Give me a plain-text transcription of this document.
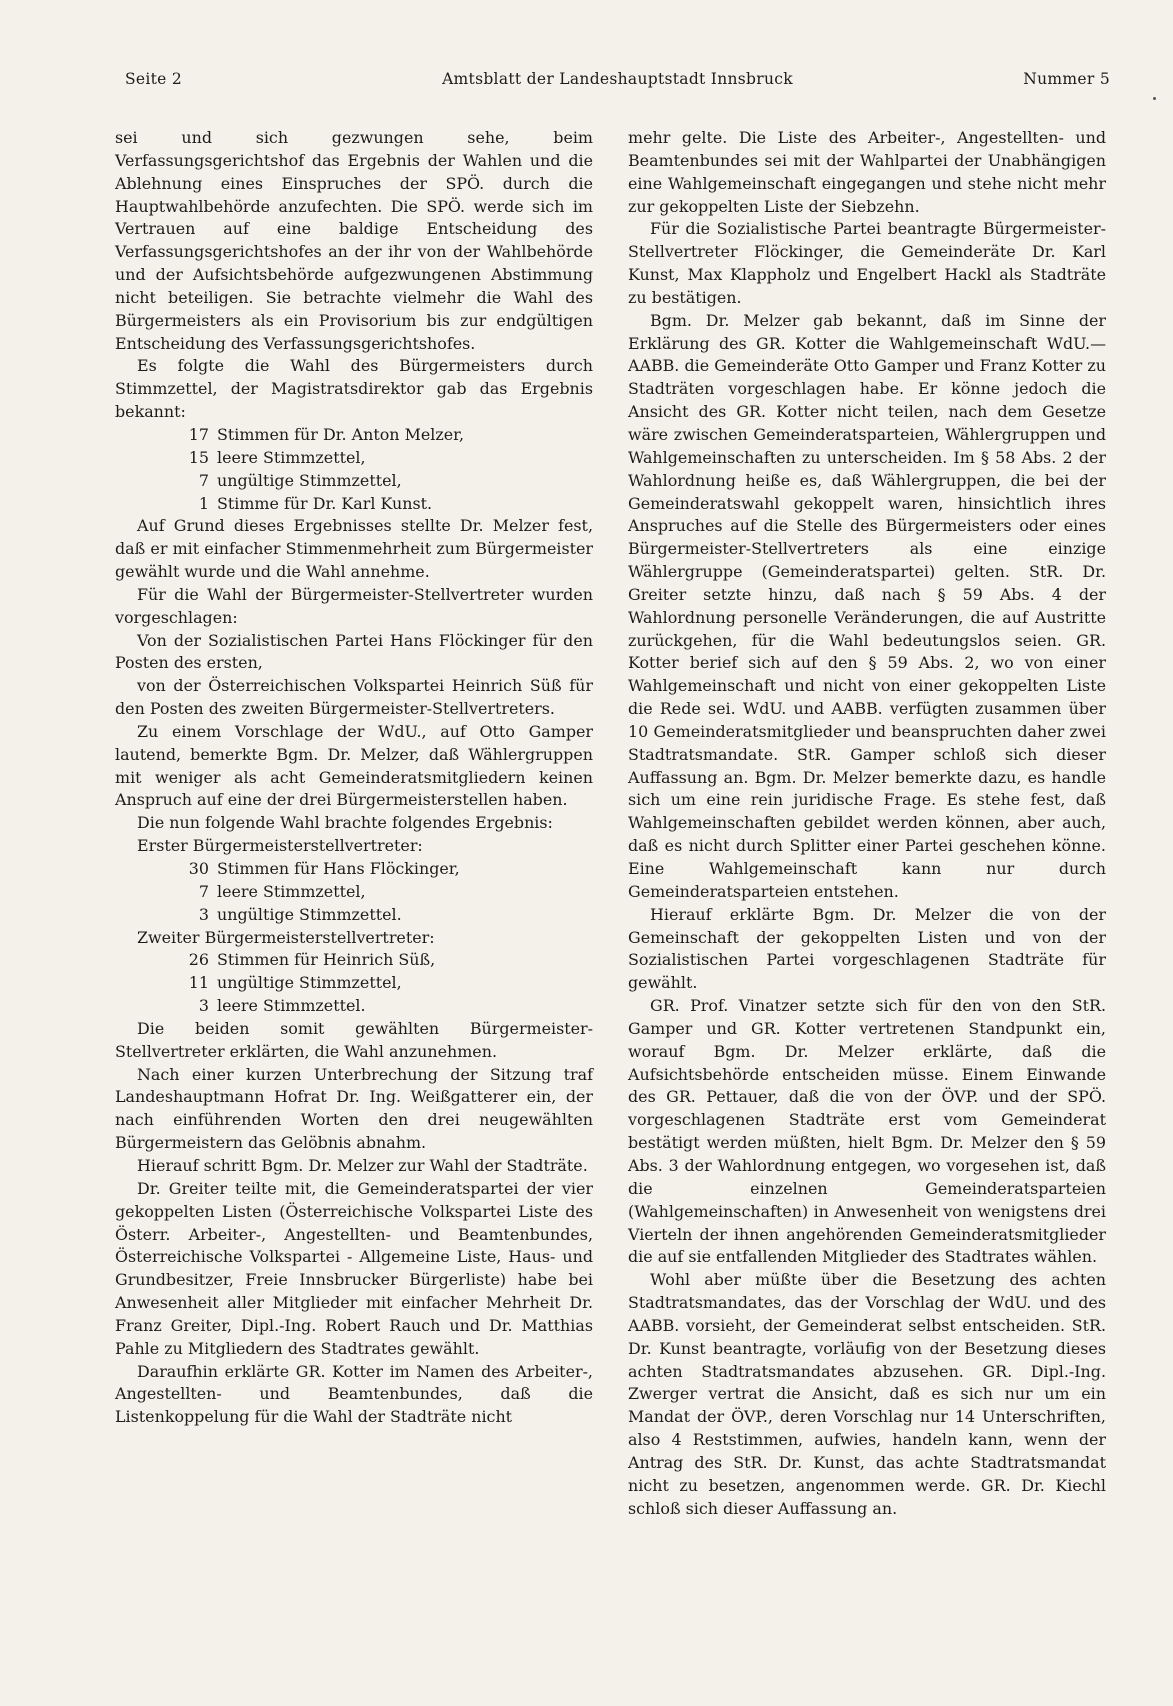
Seite 2	Amtsblatt der Landeshauptstadt Innsbruck	Nummer 5

sei und sich gezwungen sehe, beim Verfassungsgerichtshof das Ergebnis der Wahlen und die Ablehnung eines Einspruches der SPÖ. durch die Hauptwahlbehörde anzufechten. Die SPÖ. werde sich im Vertrauen auf eine baldige Entscheidung des Verfassungsgerichtshofes an der ihr von der Wahlbehörde und der Aufsichtsbehörde aufgezwungenen Abstimmung nicht beteiligen. Sie betrachte vielmehr die Wahl des Bürgermeisters als ein Provisorium bis zur endgültigen Entscheidung des Verfassungsgerichtshofes.

Es folgte die Wahl des Bürgermeisters durch Stimmzettel, der Magistratsdirektor gab das Ergebnis bekannt:

17 Stimmen für Dr. Anton Melzer,
15 leere Stimmzettel,
7 ungültige Stimmzettel,
1 Stimme für Dr. Karl Kunst.

Auf Grund dieses Ergebnisses stellte Dr. Melzer fest, daß er mit einfacher Stimmenmehrheit zum Bürgermeister gewählt wurde und die Wahl annehme.

Für die Wahl der Bürgermeister-Stellvertreter wurden vorgeschlagen:

Von der Sozialistischen Partei Hans Flöckinger für den Posten des ersten,

von der Österreichischen Volkspartei Heinrich Süß für den Posten des zweiten Bürgermeister-Stellvertreters.

Zu einem Vorschlage der WdU., auf Otto Gamper lautend, bemerkte Bgm. Dr. Melzer, daß Wählergruppen mit weniger als acht Gemeinderatsmitgliedern keinen Anspruch auf eine der drei Bürgermeisterstellen haben.

Die nun folgende Wahl brachte folgendes Ergebnis:

Erster Bürgermeisterstellvertreter:
30 Stimmen für Hans Flöckinger,
7 leere Stimmzettel,
3 ungültige Stimmzettel.
Zweiter Bürgermeisterstellvertreter:
26 Stimmen für Heinrich Süß,
11 ungültige Stimmzettel,
3 leere Stimmzettel.

Die beiden somit gewählten Bürgermeister-Stellvertreter erklärten, die Wahl anzunehmen.

Nach einer kurzen Unterbrechung der Sitzung traf Landeshauptmann Hofrat Dr. Ing. Weißgatterer ein, der nach einführenden Worten den drei neugewählten Bürgermeistern das Gelöbnis abnahm.

Hierauf schritt Bgm. Dr. Melzer zur Wahl der Stadträte.

Dr. Greiter teilte mit, die Gemeinderatspartei der vier gekoppelten Listen (Österreichische Volkspartei Liste des Österr. Arbeiter-, Angestellten- und Beamtenbundes, Österreichische Volkspartei - Allgemeine Liste, Haus- und Grundbesitzer, Freie Innsbrucker Bürgerliste) habe bei Anwesenheit aller Mitglieder mit einfacher Mehrheit Dr. Franz Greiter, Dipl.-Ing. Robert Rauch und Dr. Matthias Pahle zu Mitgliedern des Stadtrates gewählt.

Daraufhin erklärte GR. Kotter im Namen des Arbeiter-, Angestellten- und Beamtenbundes, daß die Listenkoppelung für die Wahl der Stadträte nicht

mehr gelte. Die Liste des Arbeiter-, Angestellten- und Beamtenbundes sei mit der Wahlpartei der Unabhängigen eine Wahlgemeinschaft eingegangen und stehe nicht mehr zur gekoppelten Liste der Siebzehn.

Für die Sozialistische Partei beantragte Bürgermeister-Stellvertreter Flöckinger, die Gemeinderäte Dr. Karl Kunst, Max Klappholz und Engelbert Hackl als Stadträte zu bestätigen.

Bgm. Dr. Melzer gab bekannt, daß im Sinne der Erklärung des GR. Kotter die Wahlgemeinschaft WdU.—AABB. die Gemeinderäte Otto Gamper und Franz Kotter zu Stadträten vorgeschlagen habe. Er könne jedoch die Ansicht des GR. Kotter nicht teilen, nach dem Gesetze wäre zwischen Gemeinderatsparteien, Wählergruppen und Wahlgemeinschaften zu unterscheiden. Im § 58 Abs. 2 der Wahlordnung heiße es, daß Wählergruppen, die bei der Gemeinderatswahl gekoppelt waren, hinsichtlich ihres Anspruches auf die Stelle des Bürgermeisters oder eines Bürgermeister-Stellvertreters als eine einzige Wählergruppe (Gemeinderatspartei) gelten. StR. Dr. Greiter setzte hinzu, daß nach § 59 Abs. 4 der Wahlordnung personelle Veränderungen, die auf Austritte zurückgehen, für die Wahl bedeutungslos seien. GR. Kotter berief sich auf den § 59 Abs. 2, wo von einer Wahlgemeinschaft und nicht von einer gekoppelten Liste die Rede sei. WdU. und AABB. verfügten zusammen über 10 Gemeinderatsmitglieder und beanspruchten daher zwei Stadtratsmandate. StR. Gamper schloß sich dieser Auffassung an. Bgm. Dr. Melzer bemerkte dazu, es handle sich um eine rein juridische Frage. Es stehe fest, daß Wahlgemeinschaften gebildet werden können, aber auch, daß es nicht durch Splitter einer Partei geschehen könne. Eine Wahlgemeinschaft kann nur durch Gemeinderatsparteien entstehen.

Hierauf erklärte Bgm. Dr. Melzer die von der Gemeinschaft der gekoppelten Listen und von der Sozialistischen Partei vorgeschlagenen Stadträte für gewählt.

GR. Prof. Vinatzer setzte sich für den von den StR. Gamper und GR. Kotter vertretenen Standpunkt ein, worauf Bgm. Dr. Melzer erklärte, daß die Aufsichtsbehörde entscheiden müsse. Einem Einwande des GR. Pettauer, daß die von der ÖVP. und der SPÖ. vorgeschlagenen Stadträte erst vom Gemeinderat bestätigt werden müßten, hielt Bgm. Dr. Melzer den § 59 Abs. 3 der Wahlordnung entgegen, wo vorgesehen ist, daß die einzelnen Gemeinderatsparteien (Wahlgemeinschaften) in Anwesenheit von wenigstens drei Vierteln der ihnen angehörenden Gemeinderatsmitglieder die auf sie entfallenden Mitglieder des Stadtrates wählen.

Wohl aber müßte über die Besetzung des achten Stadtratsmandates, das der Vorschlag der WdU. und des AABB. vorsieht, der Gemeinderat selbst entscheiden. StR. Dr. Kunst beantragte, vorläufig von der Besetzung dieses achten Stadtratsmandates abzusehen. GR. Dipl.-Ing. Zwerger vertrat die Ansicht, daß es sich nur um ein Mandat der ÖVP., deren Vorschlag nur 14 Unterschriften, also 4 Reststimmen, aufwies, handeln kann, wenn der Antrag des StR. Dr. Kunst, das achte Stadtratsmandat nicht zu besetzen, angenommen werde. GR. Dr. Kiechl schloß sich dieser Auffassung an.
